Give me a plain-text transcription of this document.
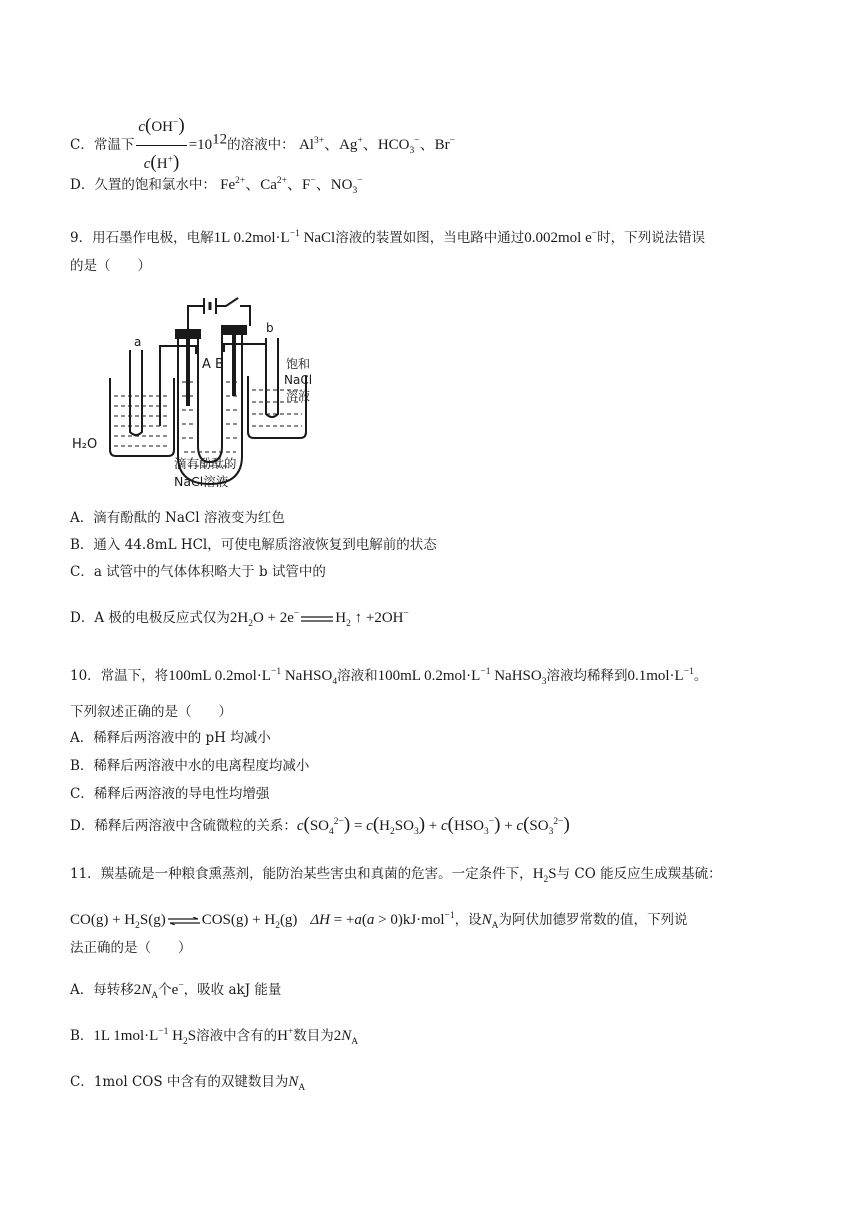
C．常温下 $\frac{c(OH^-)}{c(H^+)} =10^{12}$的溶液中： $Al^{3+}$、Ag+、$HCO_3^-$、Br−
D．久置的饱和氯水中： $Fe^{2+}$、$Ca^{2+}$、F−、$NO_3^-$
9．用石墨作电极，电解1L $0.2mol\cdot L^{-1}$ NaCl溶液的装置如图，当电路中通过0.002mol e−时，下列说法错误
的是（　　）
a
b
A B
H₂O
饱和
NaCl
溶液
滴有酚酞的
NaCl溶液
A．滴有酚酞的 NaCl 溶液变为红色
B．通入 44.8mL HCl，可使电解质溶液恢复到电解前的状态
C．a 试管中的气体体积略大于 b 试管中的
D．A 极的电极反应式仅为$2H_2O + 2e^-$ $H_2$ ↑ +2OH−
10．常温下，将100mL $0.2mol\cdot L^{-1}$ NaHSO$_4$溶液和100mL $0.2mol\cdot L^{-1}$ NaHSO$_3$溶液均稀释到$0.1mol\cdot L^{-1}$。
下列叙述正确的是（　　）
A．稀释后两溶液中的 pH 均减小
B．稀释后两溶液中水的电离程度均减小
C．稀释后两溶液的导电性均增强
D．稀释后两溶液中含硫微粒的关系：$c(SO_4^{2-}) = c(H_2SO_3) + c(HSO_3^-) + c(SO_3^{2-})$
11．羰基硫是一种粮食熏蒸剂，能防治某些害虫和真菌的危害。一定条件下，$H_2S$与 CO 能反应生成羰基硫：
$CO(g) + H_2S(g)$ ⇌ $COS(g) + H_2(g) \Delta H = +a(a > 0)kJ\cdot mol^{-1}$，设$N_A$为阿伏加德罗常数的值，下列说
法正确的是（　　）
A．每转移$2N_A$个e−，吸收 akJ 能量
B．1L $1mol\cdot L^{-1}$ $H_2S$溶液中含有的H+数目为$2N_A$
C．1mol COS 中含有的双键数目为$N_A$
